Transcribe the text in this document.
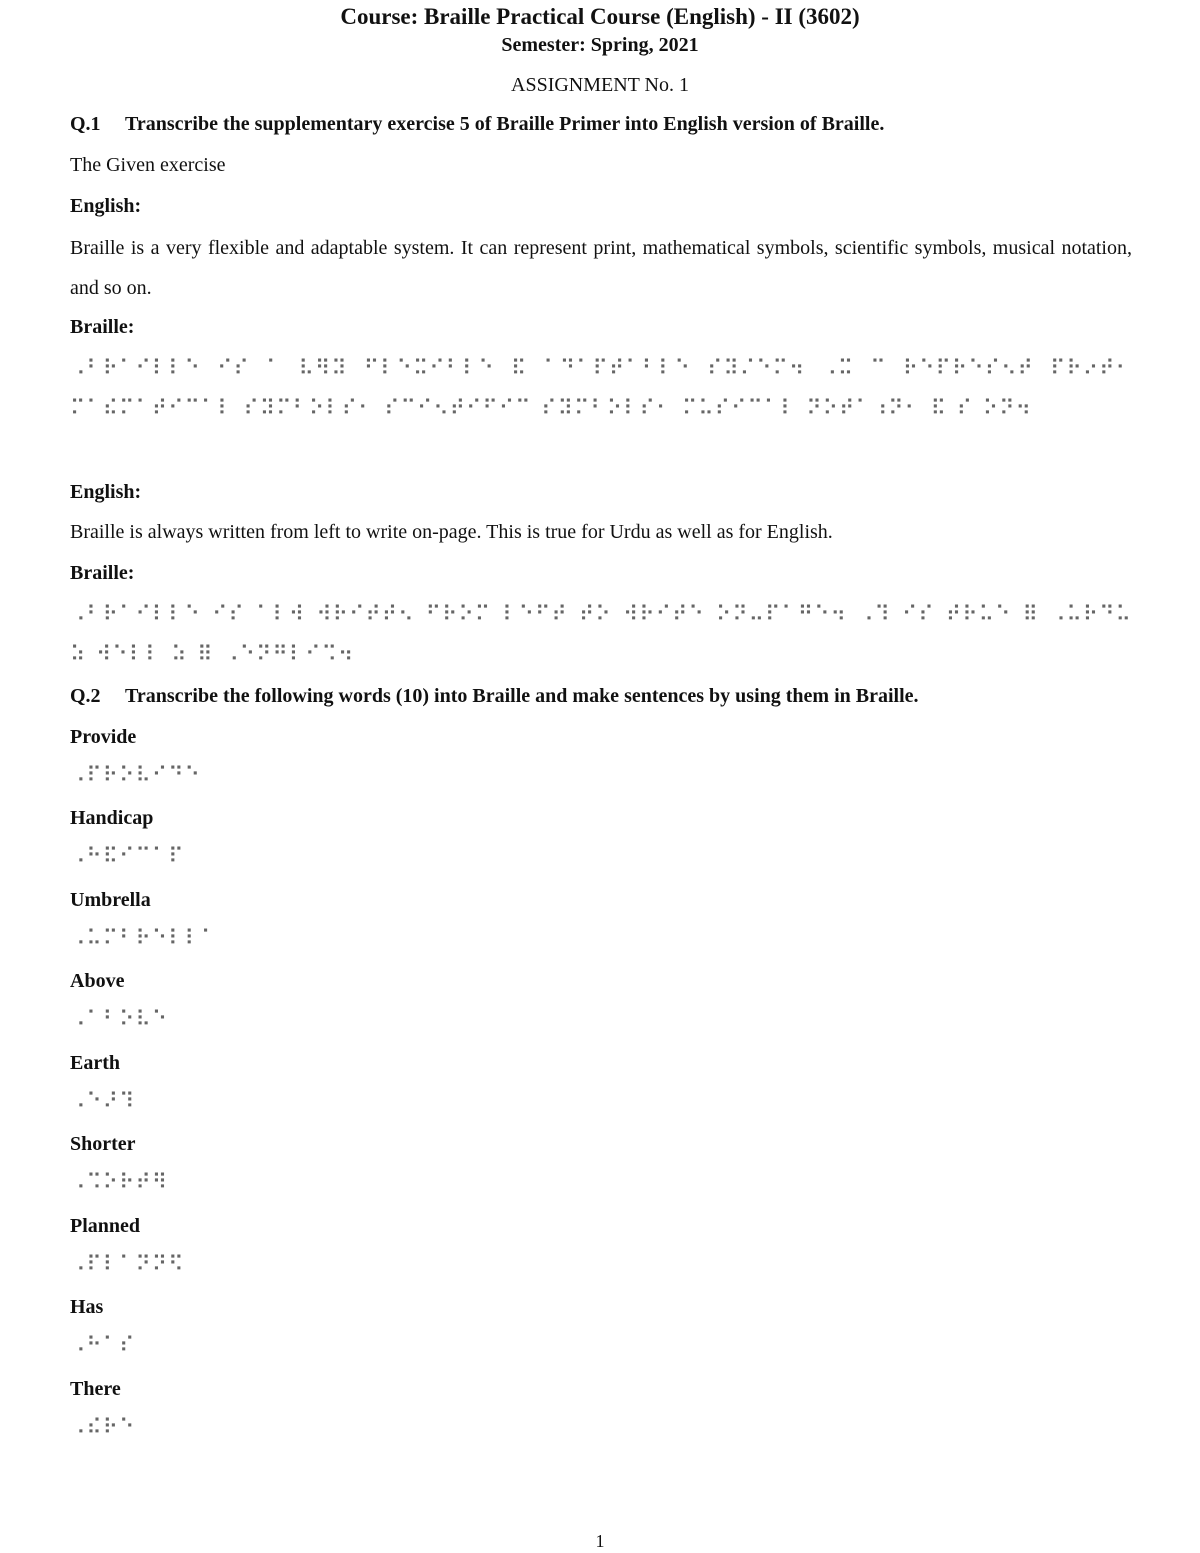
Course: Braille Practical Course (English) - II (3602)
Semester: Spring, 2021
ASSIGNMENT No. 1
Q.1 Transcribe the supplementary exercise 5 of Braille Primer into English version of Braille.
The Given exercise
English:
Braille is a very flexible and adaptable system. It can represent print, mathematical symbols, scientific symbols, musical notation, and so on.
Braille:
⠠⠃⠗⠁⠊⠇⠇⠑ ⠊⠎ ⠁ ⠧⠻⠽ ⠋⠇⠑⠭⠊⠃⠇⠑ ⠯ ⠁⠙⠁⠏⠞⠁⠃⠇⠑ ⠎⠽⠌⠑⠍⠲ ⠠⠭ ⠉ ⠗⠑⠏⠗⠑⠎⠢⠞ ⠏⠗⠔⠞⠂ ⠍⠁⠮⠍⠁⠞⠊⠉⠁⠇ ⠎⠽⠍⠃⠕⠇⠎⠂ ⠎⠉⠊⠢⠞⠊⠋⠊⠉ ⠎⠽⠍⠃⠕⠇⠎⠂ ⠍⠥⠎⠊⠉⠁⠇ ⠝⠕⠞⠁⠰⠝⠂ ⠯ ⠎ ⠕⠝⠲
English:
Braille is always written from left to write on-page. This is true for Urdu as well as for English.
Braille:
⠠⠃⠗⠁⠊⠇⠇⠑ ⠊⠎ ⠁⠇⠺ ⠺⠗⠊⠞⠞⠢ ⠋⠗⠕⠍ ⠇⠑⠋⠞ ⠞⠕ ⠺⠗⠊⠞⠑ ⠕⠝⠤⠏⠁⠛⠑⠲ ⠠⠹ ⠊⠎ ⠞⠗⠥⠑ ⠿ ⠠⠥⠗⠙⠥ ⠵ ⠺⠑⠇⠇ ⠵ ⠿ ⠠⠑⠝⠛⠇⠊⠩⠲
Q.2 Transcribe the following words (10) into Braille and make sentences by using them in Braille.
Provide
⠠⠏⠗⠕⠧⠊⠙⠑
Handicap
⠠⠓⠯⠊⠉⠁⠏
Umbrella
⠠⠥⠍⠃⠗⠑⠇⠇⠁
Above
⠠⠁⠃⠕⠧⠑
Earth
⠠⠑⠜⠹
Shorter
⠠⠩⠕⠗⠞⠻
Planned
⠠⠏⠇⠁⠝⠝⠫
Has
⠠⠓⠁⠎
There
⠠⠮⠗⠑
1
